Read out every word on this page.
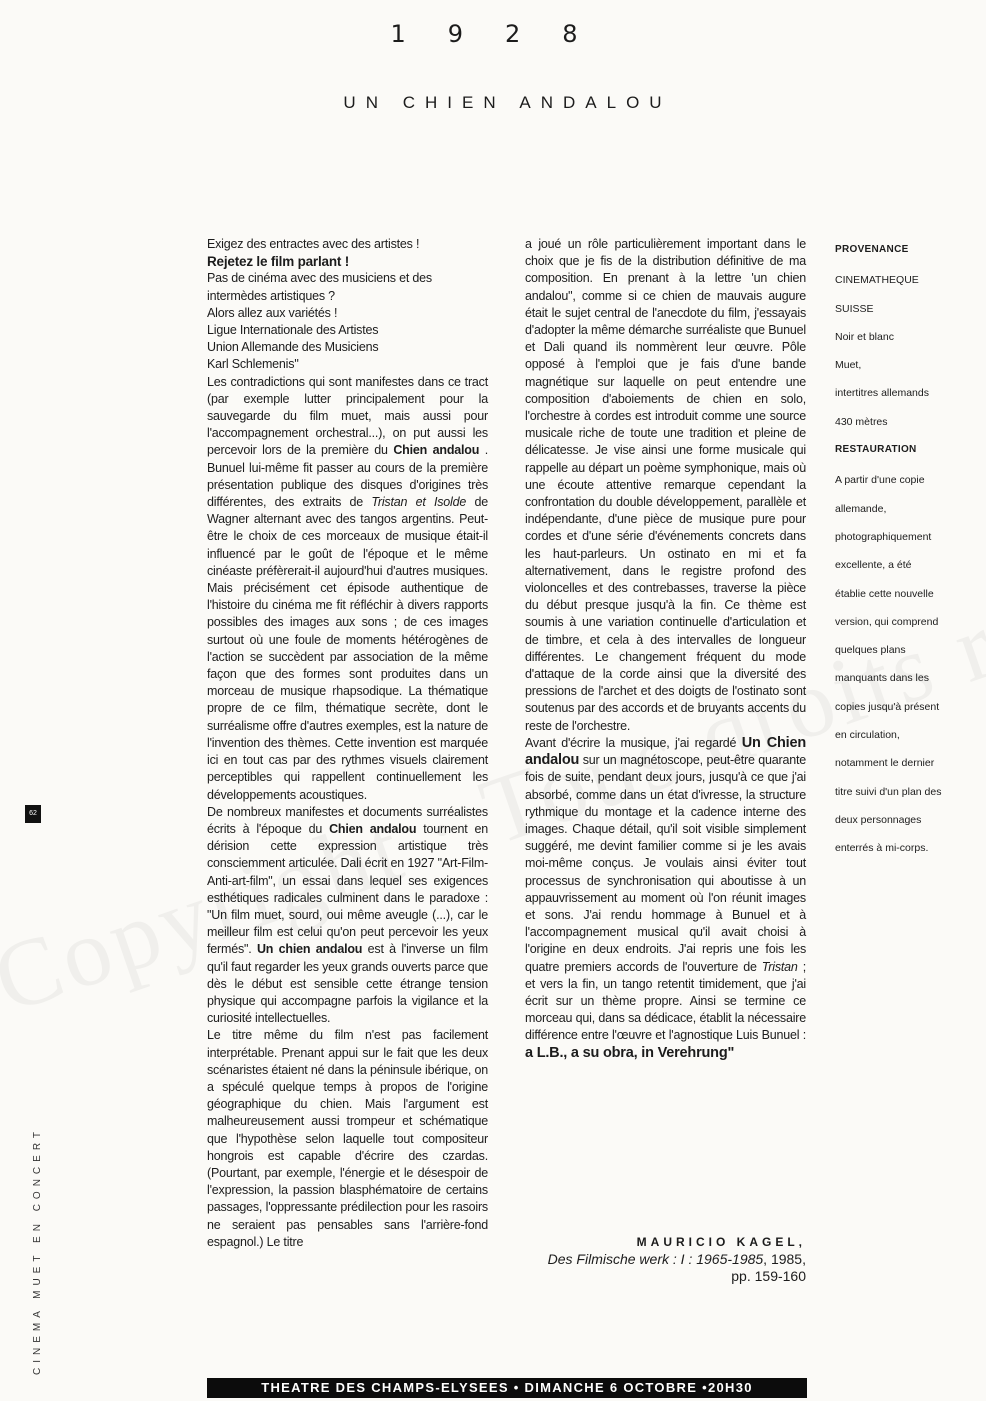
1928
UN CHIEN ANDALOU

Exigez des entractes avec des artistes !

Rejetez le film parlant !

Pas de cinéma avec des musiciens et des intermèdes artistiques ?

Alors allez aux variétés !

Ligue Internationale des Artistes

Union Allemande des Musiciens

Karl Schlemenis"

Les contradictions qui sont manifestes dans ce tract (par exemple lutter principalement pour la sauvegarde du film muet, mais aussi pour l'accompagnement orchestral...), on put aussi les percevoir lors de la première du Chien andalou . Bunuel lui-même fit passer au cours de la première présentation publique des disques d'origines très différentes, des extraits de Tristan et Isolde de Wagner alternant avec des tangos argentins. Peut-être le choix de ces morceaux de musique était-il influencé par le goût de l'époque et le même cinéaste préfèrerait-il aujourd'hui d'autres musiques. Mais précisément cet épisode authentique de l'histoire du cinéma me fit réfléchir à divers rapports possibles des images aux sons ; de ces images surtout où une foule de moments hétérogènes de l'action se succèdent par association de la même façon que des formes sont produites dans un morceau de musique rhapsodique. La thématique propre de ce film, thématique secrète, dont le surréalisme offre d'autres exemples, est la nature de l'invention des thèmes. Cette invention est marquée ici en tout cas par des rythmes visuels clairement perceptibles qui rappellent continuellement les développements acoustiques.

De nombreux manifestes et documents surréalistes écrits à l'époque du Chien andalou tournent en dérision cette expression artistique très consciemment articulée. Dali écrit en 1927 "Art-Film-Anti-art-film", un essai dans lequel ses exigences esthétiques radicales culminent dans le paradoxe : "Un film muet, sourd, oui même aveugle (...), car le meilleur film est celui qu'on peut percevoir les yeux fermés". Un chien andalou est à l'inverse un film qu'il faut regarder les yeux grands ouverts parce que dès le début est sensible cette étrange tension physique qui accompagne parfois la vigilance et la curiosité intellectuelles.

Le titre même du film n'est pas facilement interprétable. Prenant appui sur le fait que les deux scénaristes étaient né dans la péninsule ibérique, on a spéculé quelque temps à propos de l'origine géographique du chien. Mais l'argument est malheureusement aussi trompeur et schématique que l'hypothèse selon laquelle tout compositeur hongrois est capable d'écrire des czardas. (Pourtant, par exemple, l'énergie et le désespoir de l'expression, la passion blasphématoire de certains passages, l'oppressante prédilection pour les rasoirs ne seraient pas pensables sans l'arrière-fond espagnol.) Le titre

a joué un rôle particulièrement important dans le choix que je fis de la distribution définitive de ma composition. En prenant à la lettre 'un chien andalou", comme si ce chien de mauvais augure était le sujet central de l'anecdote du film, j'essayais d'adopter la même démarche surréaliste que Bunuel et Dali quand ils nommèrent leur œuvre. Pôle opposé à l'emploi que je fais d'une bande magnétique sur laquelle on peut entendre une composition d'aboiements de chien en solo, l'orchestre à cordes est introduit comme une source musicale riche de toute une tradition et pleine de délicatesse. Je vise ainsi une forme musicale qui rappelle au départ un poème symphonique, mais où une écoute attentive remarque cependant la confrontation du double développement, parallèle et indépendante, d'une pièce de musique pure pour cordes et d'une série d'événements concrets dans les haut-parleurs. Un ostinato en mi et fa alternativement, dans le registre profond des violoncelles et des contrebasses, traverse la pièce du début presque jusqu'à la fin. Ce thème est soumis à une variation continuelle d'articulation et de timbre, et cela à des intervalles de longueur différentes. Le changement fréquent du mode d'attaque de la corde ainsi que la diversité des pressions de l'archet et des doigts de l'ostinato sont soutenus par des accords et de bruyants accents du reste de l'orchestre.

Avant d'écrire la musique, j'ai regardé Un Chien andalou sur un magnétoscope, peut-être quarante fois de suite, pendant deux jours, jusqu'à ce que j'ai absorbé, comme dans un état d'ivresse, la structure rythmique du montage et la cadence interne des images. Chaque détail, qu'il soit visible simplement suggéré, me devint familier comme si je les avais moi-même conçus. Je voulais ainsi éviter tout processus de synchronisation qui aboutisse à un appauvrissement au moment où l'on réunit images et sons. J'ai rendu hommage à Bunuel et à l'accompagnement musical qu'il avait choisi à l'origine en deux endroits. J'ai repris une fois les quatre premiers accords de l'ouverture de Tristan ; et vers la fin, un tango retentit timidement, que j'ai écrit sur un thème propre. Ainsi se termine ce morceau qui, dans sa dédicace, établit la nécessaire différence entre l'œuvre et l'agnostique Luis Bunuel : a L.B., a su obra, in Verehrung"

PROVENANCE
CINEMATHEQUE
SUISSE
Noir et blanc
Muet,
intertitres allemands
430 mètres
RESTAURATION
A partir d'une copie
allemande,
photographiquement
excellente, a été
établie cette nouvelle
version, qui comprend
quelques plans
manquants dans les
copies jusqu'à présent
en circulation,
notamment le dernier
titre suivi d'un plan des
deux personnages
enterrés à mi-corps.
MAURICIO KAGEL,
Des Filmische werk : I : 1965-1985, 1985,
pp. 159-160
62
CINEMA MUET EN CONCERT
THEATRE DES CHAMPS-ELYSEES • DIMANCHE 6 OCTOBRE •20H30
